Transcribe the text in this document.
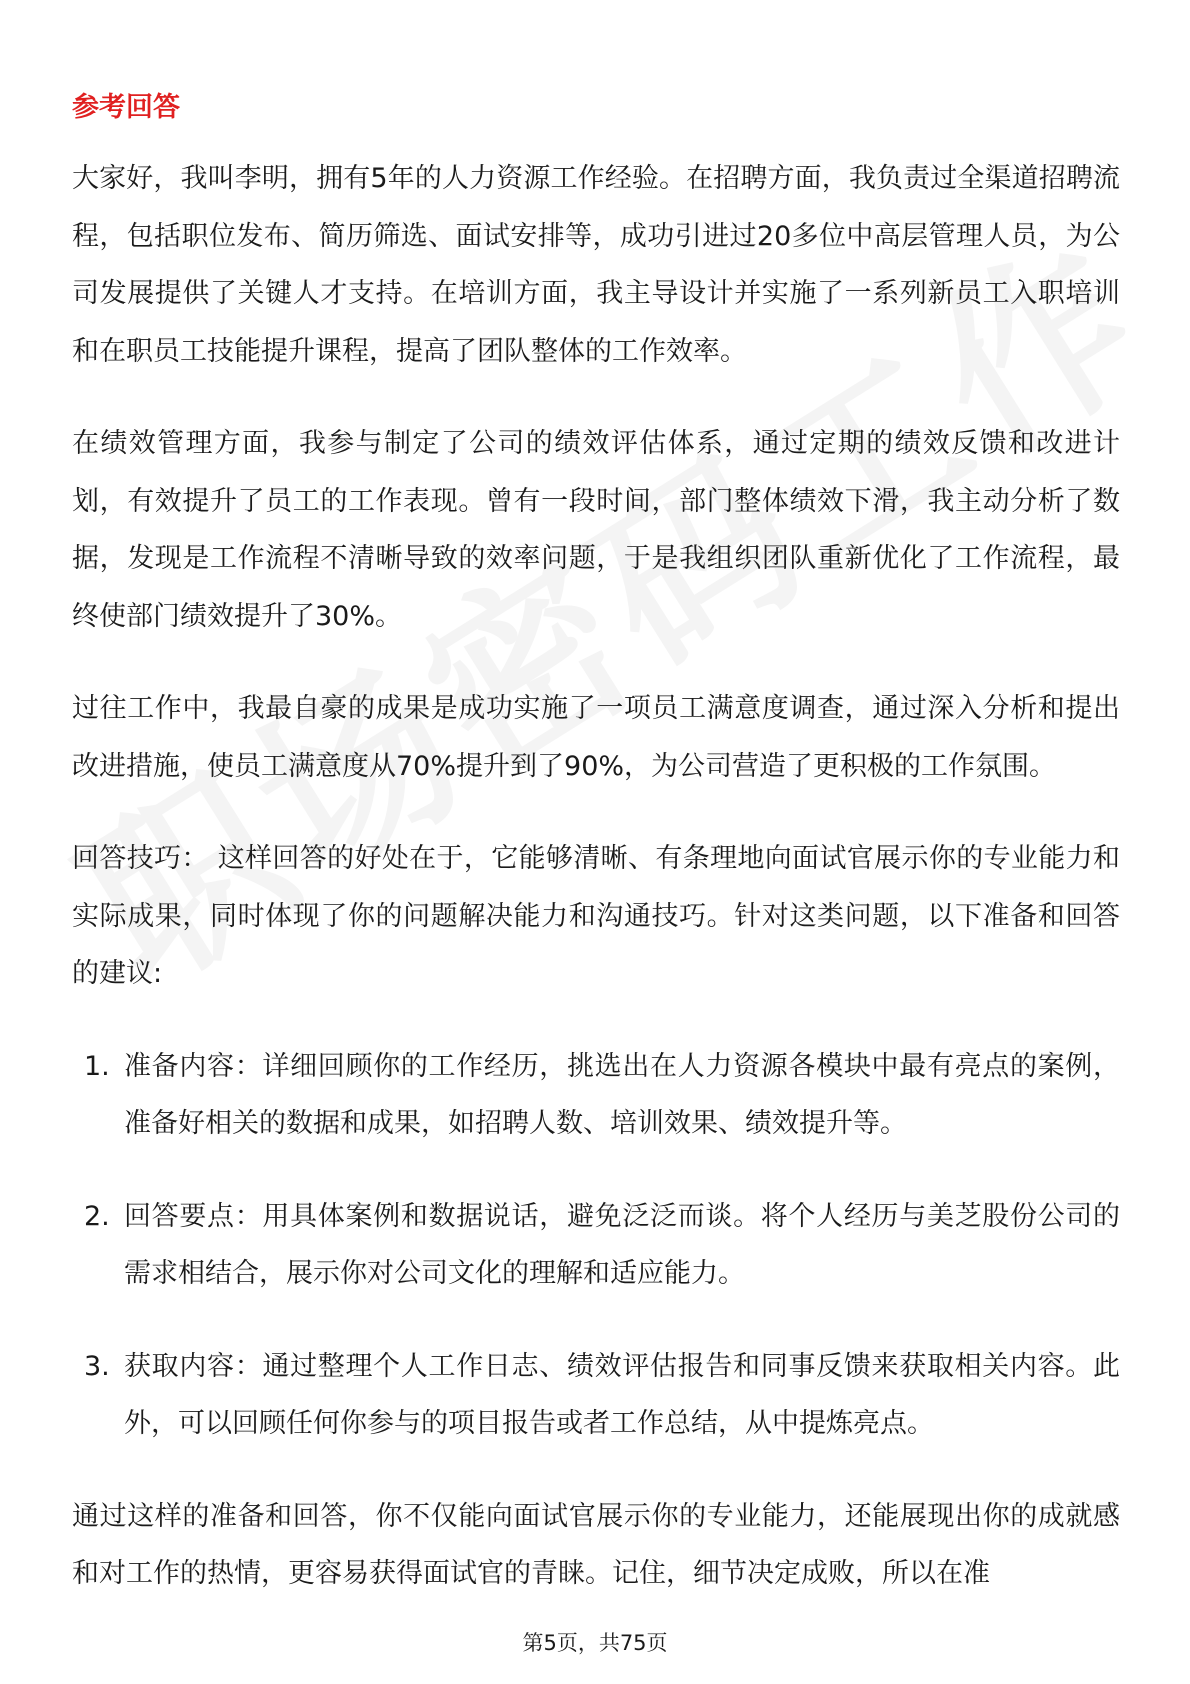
参考回答

大家好，我叫李明，拥有5年的人力资源工作经验。在招聘方面，我负责过全渠道招聘流程，包括职位发布、简历筛选、面试安排等，成功引进过20多位中高层管理人员，为公司发展提供了关键人才支持。在培训方面，我主导设计并实施了一系列新员工入职培训和在职员工技能提升课程，提高了团队整体的工作效率。

在绩效管理方面，我参与制定了公司的绩效评估体系，通过定期的绩效反馈和改进计划，有效提升了员工的工作表现。曾有一段时间，部门整体绩效下滑，我主动分析了数据，发现是工作流程不清晰导致的效率问题，于是我组织团队重新优化了工作流程，最终使部门绩效提升了30%。

过往工作中，我最自豪的成果是成功实施了一项员工满意度调查，通过深入分析和提出改进措施，使员工满意度从70%提升到了90%，为公司营造了更积极的工作氛围。

回答技巧： 这样回答的好处在于，它能够清晰、有条理地向面试官展示你的专业能力和实际成果，同时体现了你的问题解决能力和沟通技巧。针对这类问题，以下准备和回答的建议:

1. 准备内容：详细回顾你的工作经历，挑选出在人力资源各模块中最有亮点的案例，准备好相关的数据和成果，如招聘人数、培训效果、绩效提升等。
2. 回答要点：用具体案例和数据说话，避免泛泛而谈。将个人经历与美芝股份公司的需求相结合，展示你对公司文化的理解和适应能力。
3. 获取内容：通过整理个人工作日志、绩效评估报告和同事反馈来获取相关内容。此外，可以回顾任何你参与的项目报告或者工作总结，从中提炼亮点。

通过这样的准备和回答，你不仅能向面试官展示你的专业能力，还能展现出你的成就感和对工作的热情，更容易获得面试官的青睐。记住，细节决定成败，所以在准

第5页，共75页
